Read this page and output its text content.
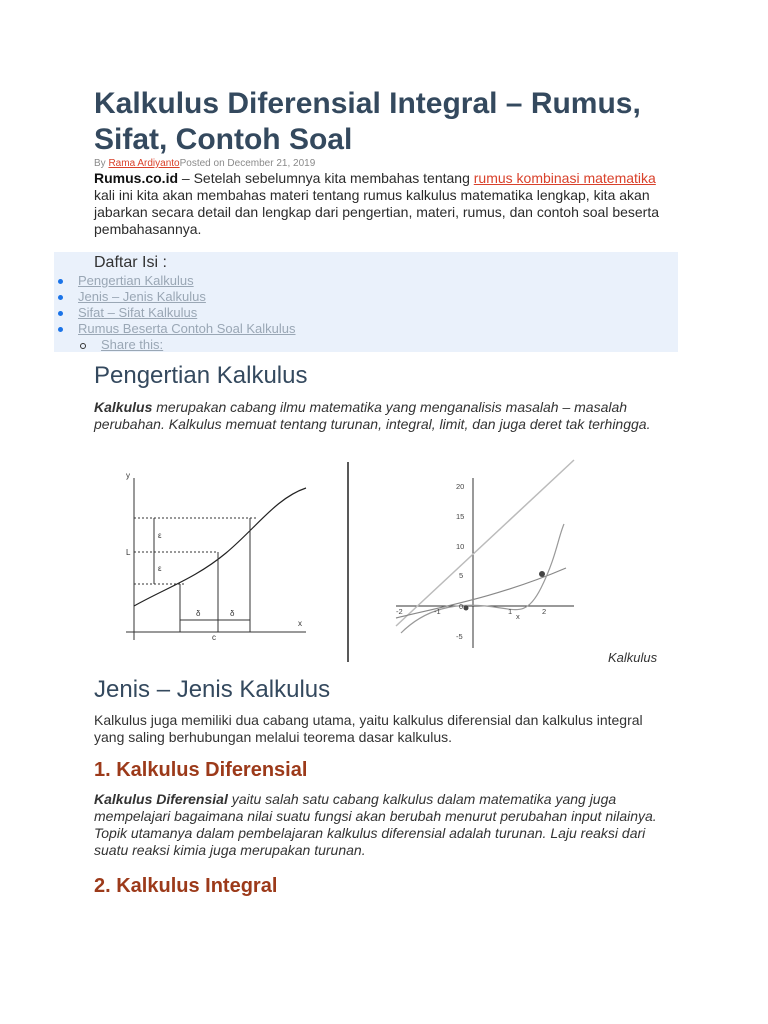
Kalkulus Diferensial Integral – Rumus, Sifat, Contoh Soal
By Rama ArdiyantoPosted on December 21, 2019

Rumus.co.id – Setelah sebelumnya kita membahas tentang rumus kombinasi matematika kali ini kita akan membahas materi tentang rumus kalkulus matematika lengkap, kita akan jabarkan secara detail dan lengkap dari pengertian, materi, rumus, dan contoh soal beserta pembahasannya.

Daftar Isi :
Pengertian Kalkulus
Jenis – Jenis Kalkulus
Sifat – Sifat Kalkulus
Rumus Beserta Contoh Soal Kalkulus
Share this:
Pengertian Kalkulus

Kalkulus merupakan cabang ilmu matematika yang menganalisis masalah – masalah perubahan. Kalkulus memuat tentang turunan, integral, limit, dan juga deret tak terhingga.

y
x
L
ε
ε
δ	δ
c
20
15
10
5
0
-5
-2	-1	1	2
x
Kalkulus
Jenis – Jenis Kalkulus

Kalkulus juga memiliki dua cabang utama, yaitu kalkulus diferensial dan kalkulus integral yang saling berhubungan melalui teorema dasar kalkulus.

1. Kalkulus Diferensial

Kalkulus Diferensial yaitu salah satu cabang kalkulus dalam matematika yang juga mempelajari bagaimana nilai suatu fungsi akan berubah menurut perubahan input nilainya. Topik utamanya dalam pembelajaran kalkulus diferensial adalah turunan. Laju reaksi dari suatu reaksi kimia juga merupakan turunan.

2. Kalkulus Integral
